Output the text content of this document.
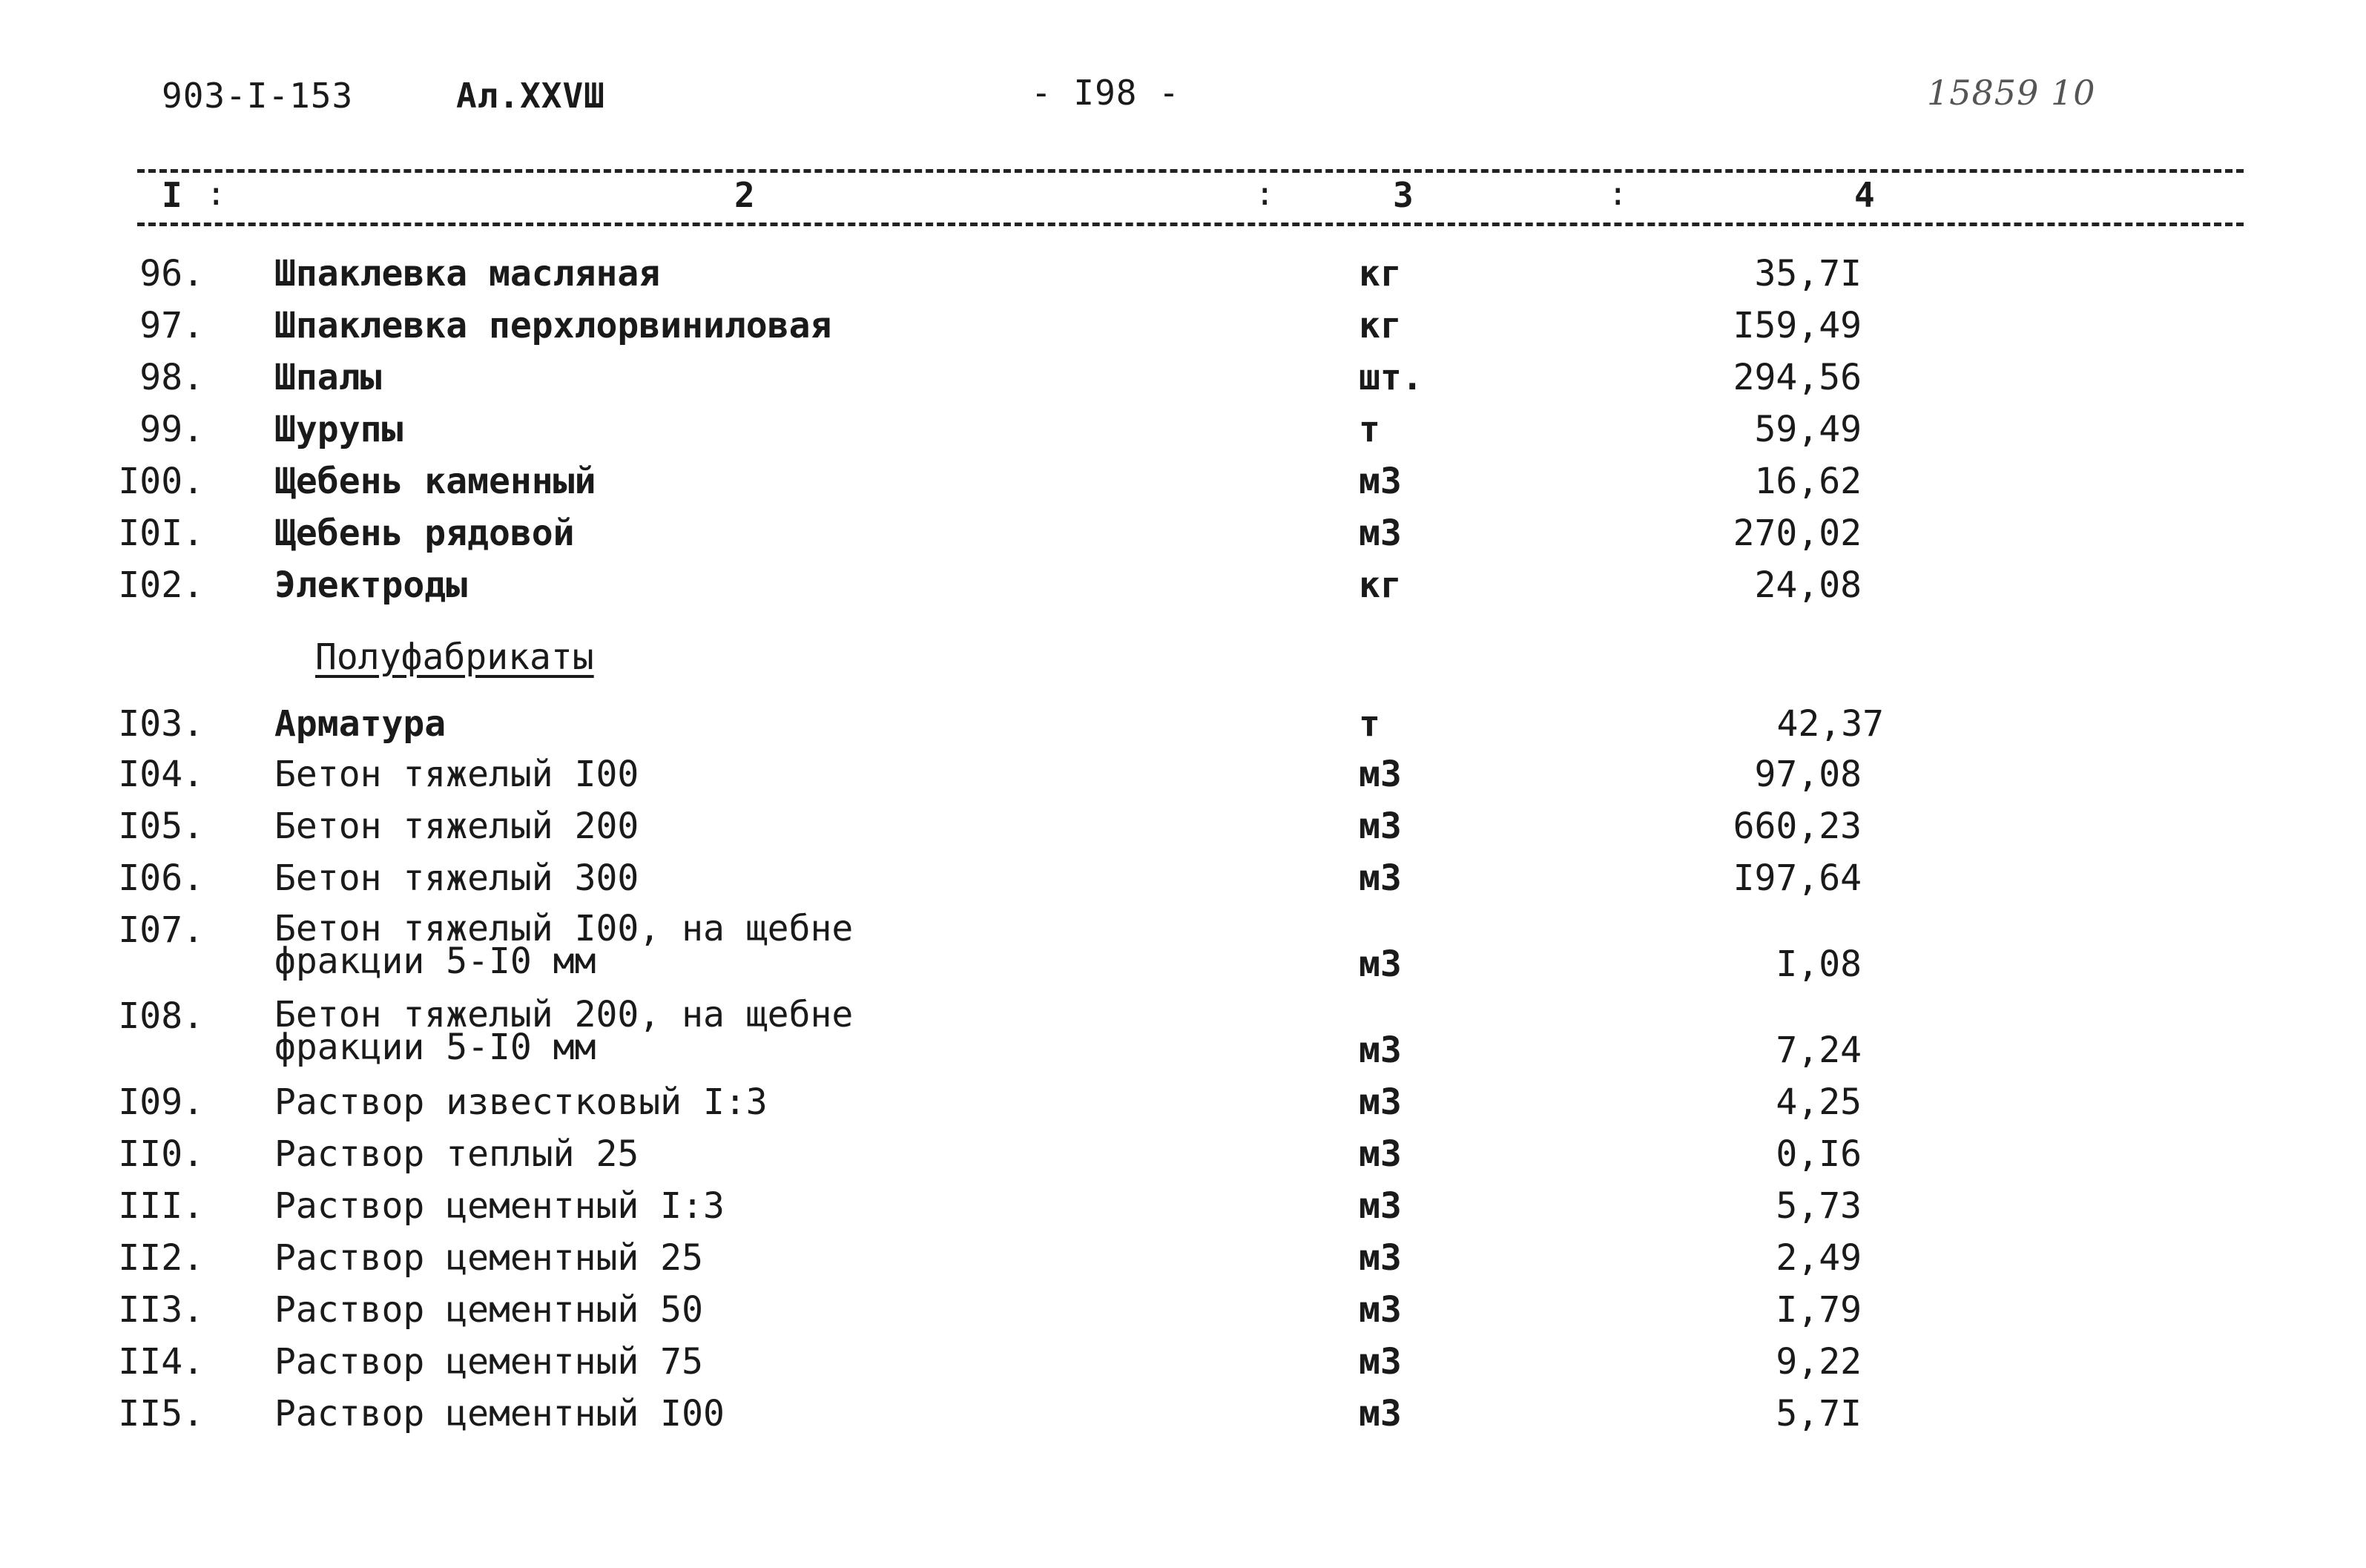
903-I-153	Ал.XXVШ	- I98 -	15859 10
I :	2	:	3	:	4
96. Шпаклевка масляная	кг	35,7I
97. Шпаклевка перхлорвиниловая	кг	I59,49
98. Шпалы	шт.	294,56
99. Шурупы	т	59,49
I00. Щебень каменный	м3	16,62
I0I. Щебень рядовой	м3	270,02
I02. Электроды	кг	24,08
Полуфабрикаты
I03. Арматура	т	42,37
I04. Бетон тяжелый I00	м3	97,08
I05. Бетон тяжелый 200	м3	660,23
I06. Бетон тяжелый 300	м3	I97,64
I07. Бетон тяжелый I00, на щебне
фракции 5-I0 мм	м3	I,08
I08. Бетон тяжелый 200, на щебне
фракции 5-I0 мм	м3	7,24
I09. Раствор известковый I:3	м3	4,25
II0. Раствор теплый 25	м3	0,I6
III. Раствор цементный I:3	м3	5,73
II2. Раствор цементный 25	м3	2,49
II3. Раствор цементный 50	м3	I,79
II4. Раствор цементный 75	м3	9,22
II5. Раствор цементный I00	м3	5,7I
